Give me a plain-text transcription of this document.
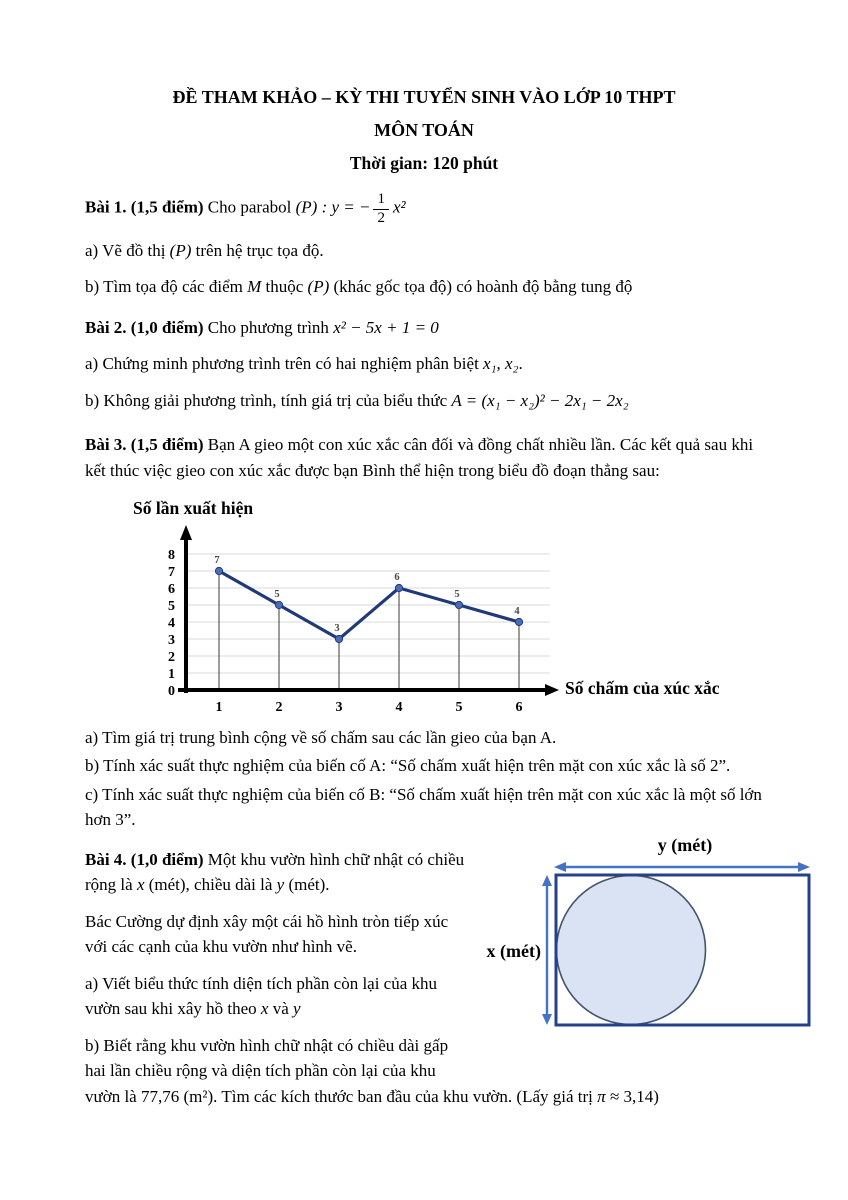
ĐỀ THAM KHẢO – KỲ THI TUYỂN SINH VÀO LỚP 10 THPT

MÔN TOÁN

Thời gian: 120 phút

Bài 1. (1,5 điểm) Cho parabol (P) : y = − $\frac{1}{2} x^2$

a) Vẽ đồ thị (P) trên hệ trục tọa độ.

b) Tìm tọa độ các điểm M thuộc (P) (khác gốc tọa độ) có hoành độ bằng tung độ

Bài 2. (1,0 điểm) Cho phương trình x² − 5x + 1 = 0

a) Chứng minh phương trình trên có hai nghiệm phân biệt x₁, x₂.

b) Không giải phương trình, tính giá trị của biểu thức A = (x₁ − x₂)² − 2x₁ − 2x₂

Bài 3. (1,5 điểm) Bạn A gieo một con xúc xắc cân đối và đồng chất nhiều lần. Các kết quả sau khi kết thúc việc gieo con xúc xắc được bạn Bình thể hiện trong biểu đồ đoạn thẳng sau:

Số lần xuất hiện
Số chấm của xúc xắc
7
5
3
6
5
4
0
1
2
3
4
5
6
7
8
1	2	3	4	5	6

a) Tìm giá trị trung bình cộng về số chấm sau các lần gieo của bạn A.

b) Tính xác suất thực nghiệm của biến cố A: “Số chấm xuất hiện trên mặt con xúc xắc là số 2”.

c) Tính xác suất thực nghiệm của biến cố B: “Số chấm xuất hiện trên mặt con xúc xắc là một số lớn hơn 3”.

y (mét)
x (mét)

Bài 4. (1,0 điểm) Một khu vườn hình chữ nhật có chiều rộng là x (mét), chiều dài là y (mét).

Bác Cường dự định xây một cái hồ hình tròn tiếp xúc với các cạnh của khu vườn như hình vẽ.

a) Viết biểu thức tính diện tích phần còn lại của khu vườn sau khi xây hồ theo x và y

b) Biết rằng khu vườn hình chữ nhật có chiều dài gấp hai lần chiều rộng và diện tích phần còn lại của khu vườn là 77,76 (m²). Tìm các kích thước ban đầu của khu vườn. (Lấy giá trị π ≈ 3,14)
